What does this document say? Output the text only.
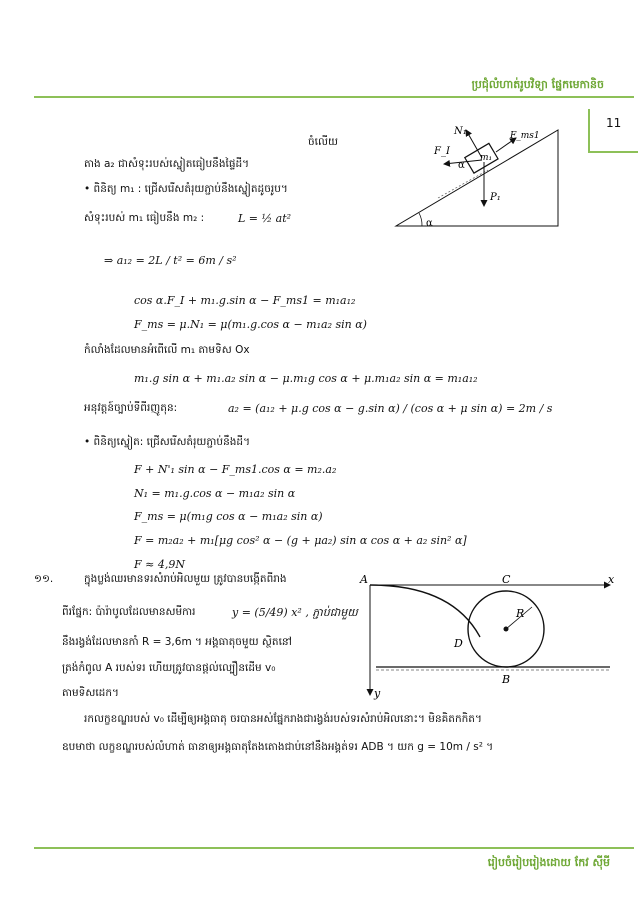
ប្រជុំលំហាត់រូបវិទ្យា ផ្នែកមេកានិច
11
ចំលើយ
តាង a₂ ជាសំទុះរបស់ស្នៀតធៀបនឹងផ្ទៃដី។
• ពិនិត្យ m₁ : ជ្រើសរើសតំរុយភ្ជាប់នឹងស្នៀតដូចរូប។
សំទុះរបស់ m₁ ធៀបនឹង m₂ :	L = ½ at²
⇒ a₁₂ = 2L / t² = 6m / s²
cos α.F_I + m₁.g.sin α − F_ms1 = m₁a₁₂
F_ms = μ.N₁ = μ(m₁.g.cos α − m₁a₂ sin α)
កំលាំងដែលមានអំពើលើ m₁ តាមទិស Ox
m₁.g sin α + m₁.a₂ sin α − μ.m₁g cos α + μ.m₁a₂ sin α = m₁a₁₂
អនុវត្តន៍ច្បាប់ទីពីរញូតុន:	a₂ = (a₁₂ + μ.g cos α − g.sin α) / (cos α + μ sin α) = 2m / s
• ពិនិត្យស្នៀត: ជ្រើសរើសតំរុយភ្ជាប់នឹងដី។
F + N'₁ sin α − F_ms1.cos α = m₂.a₂
N₁ = m₁.g.cos α − m₁a₂ sin α
F_ms = μ(m₁g cos α − m₁a₂ sin α)
F = m₂a₂ + m₁[μg cos² α − (g + μa₂) sin α cos α + a₂ sin² α]
F ≈ 4,9N
N₁
m₁
F_ms1
F_I
P₁
α
α
១១.	ក្នុងប្លង់ឈរមានទរសំរាប់អិលមួយ ត្រូវបានបង្កើតពីរាង
ពីរផ្នែក: ប៉ារ៉ាបូលដែលមានសមីការ	y = (5/49) x² , ភ្ជាប់ជាមួយ
នឹងរង្វង់ដែលមានកាំ R = 3,6m ។ អង្គធាតុចមួយ ស្ថិតនៅ
ត្រង់កំពូល A របស់ទរ ហើយត្រូវបានផ្ដល់ល្បឿនដើម v₀
តាមទិសដេក។
រកលក្ខខណ្ឌរបស់ v₀ ដើម្បីឲ្យអង្គធាតុ ចរបានអស់ផ្នែករាងជារង្វង់របស់ទរសំរាប់អិលនោះ។ មិនគិតកកិត។
ឧបមាថា លក្ខខណ្ឌរបស់លំហាត់ ធានាឲ្យអង្គធាតុតែងតោងជាប់នៅនឹងអង្គត់ទរ ADB ។ យក g = 10m / s² ។
A	C	x
R
D
B
y
រៀបចំរៀបរៀងដោយ កែវ ស៊ីមី
